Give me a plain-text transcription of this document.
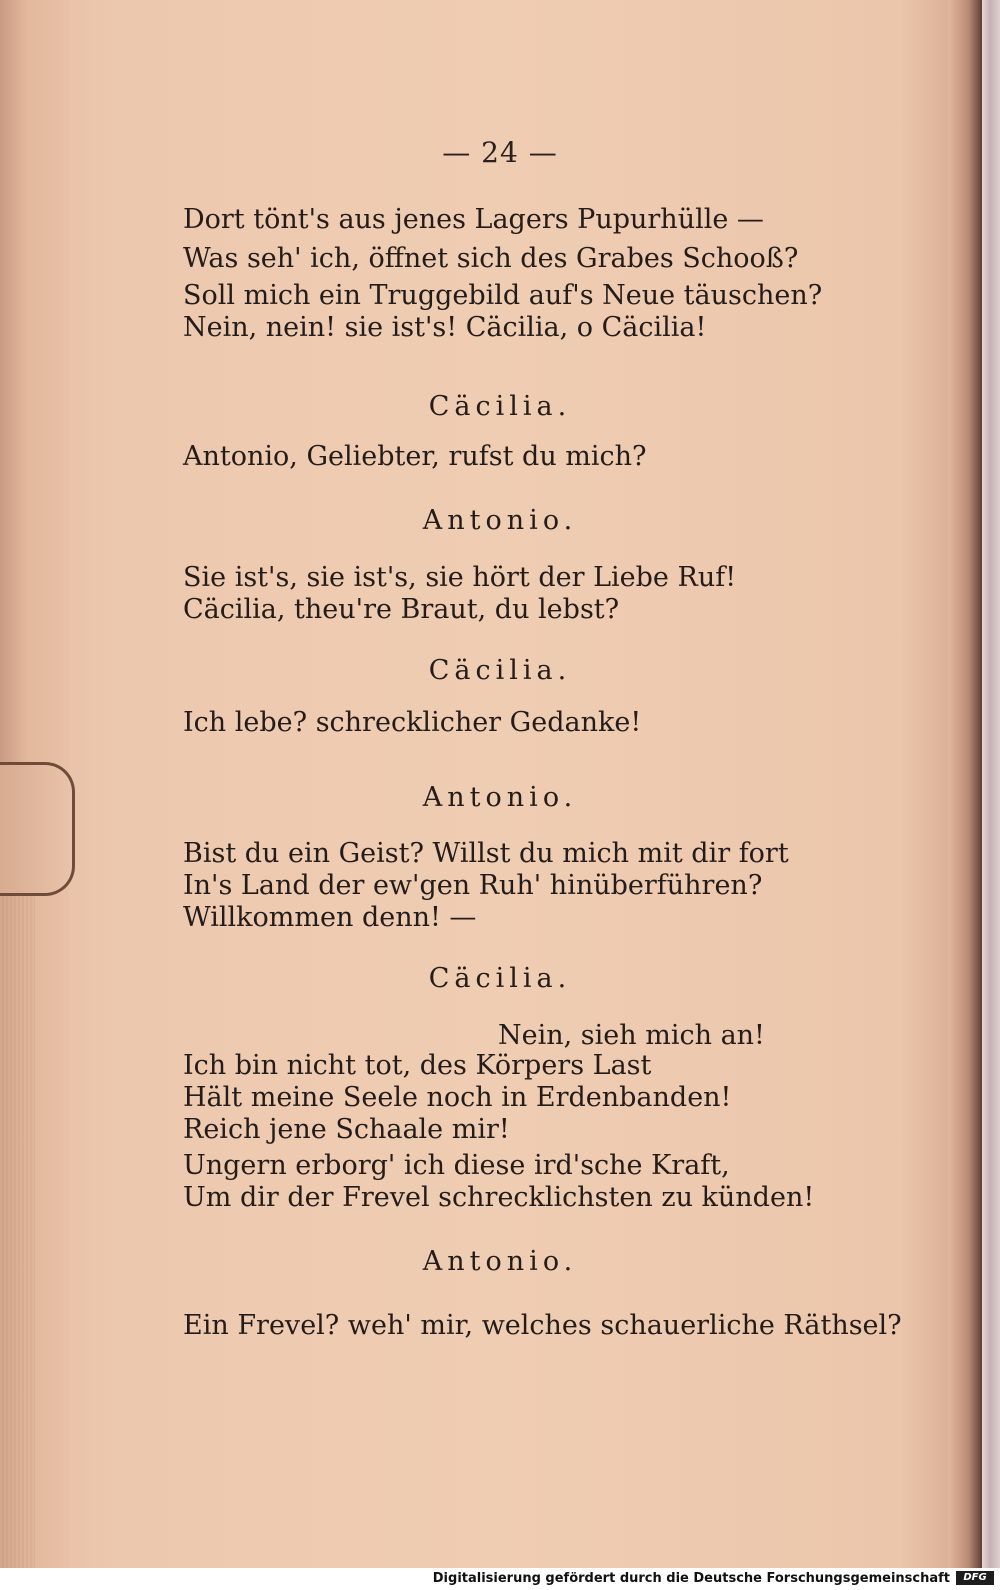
— 24 —
Dort tönt's aus jenes Lagers Pupurhülle —
Was seh' ich, öffnet sich des Grabes Schooß?
Soll mich ein Truggebild auf's Neue täuschen?
Nein, nein! sie ist's! Cäcilia, o Cäcilia!
Cäcilia.
Antonio, Geliebter, rufst du mich?
Antonio.
Sie ist's, sie ist's, sie hört der Liebe Ruf!
Cäcilia, theu're Braut, du lebst?
Cäcilia.
Ich lebe? schrecklicher Gedanke!
Antonio.
Bist du ein Geist? Willst du mich mit dir fort
In's Land der ew'gen Ruh' hinüberführen?
Willkommen denn! —
Cäcilia.
Nein, sieh mich an!
Ich bin nicht tot, des Körpers Last
Hält meine Seele noch in Erdenbanden!
Reich jene Schaale mir!
Ungern erborg' ich diese ird'sche Kraft,
Um dir der Frevel schrecklichsten zu künden!
Antonio.
Ein Frevel? weh' mir, welches schauerliche Räthsel?
Digitalisierung gefördert durch die Deutsche Forschungsgemeinschaft	DFG
